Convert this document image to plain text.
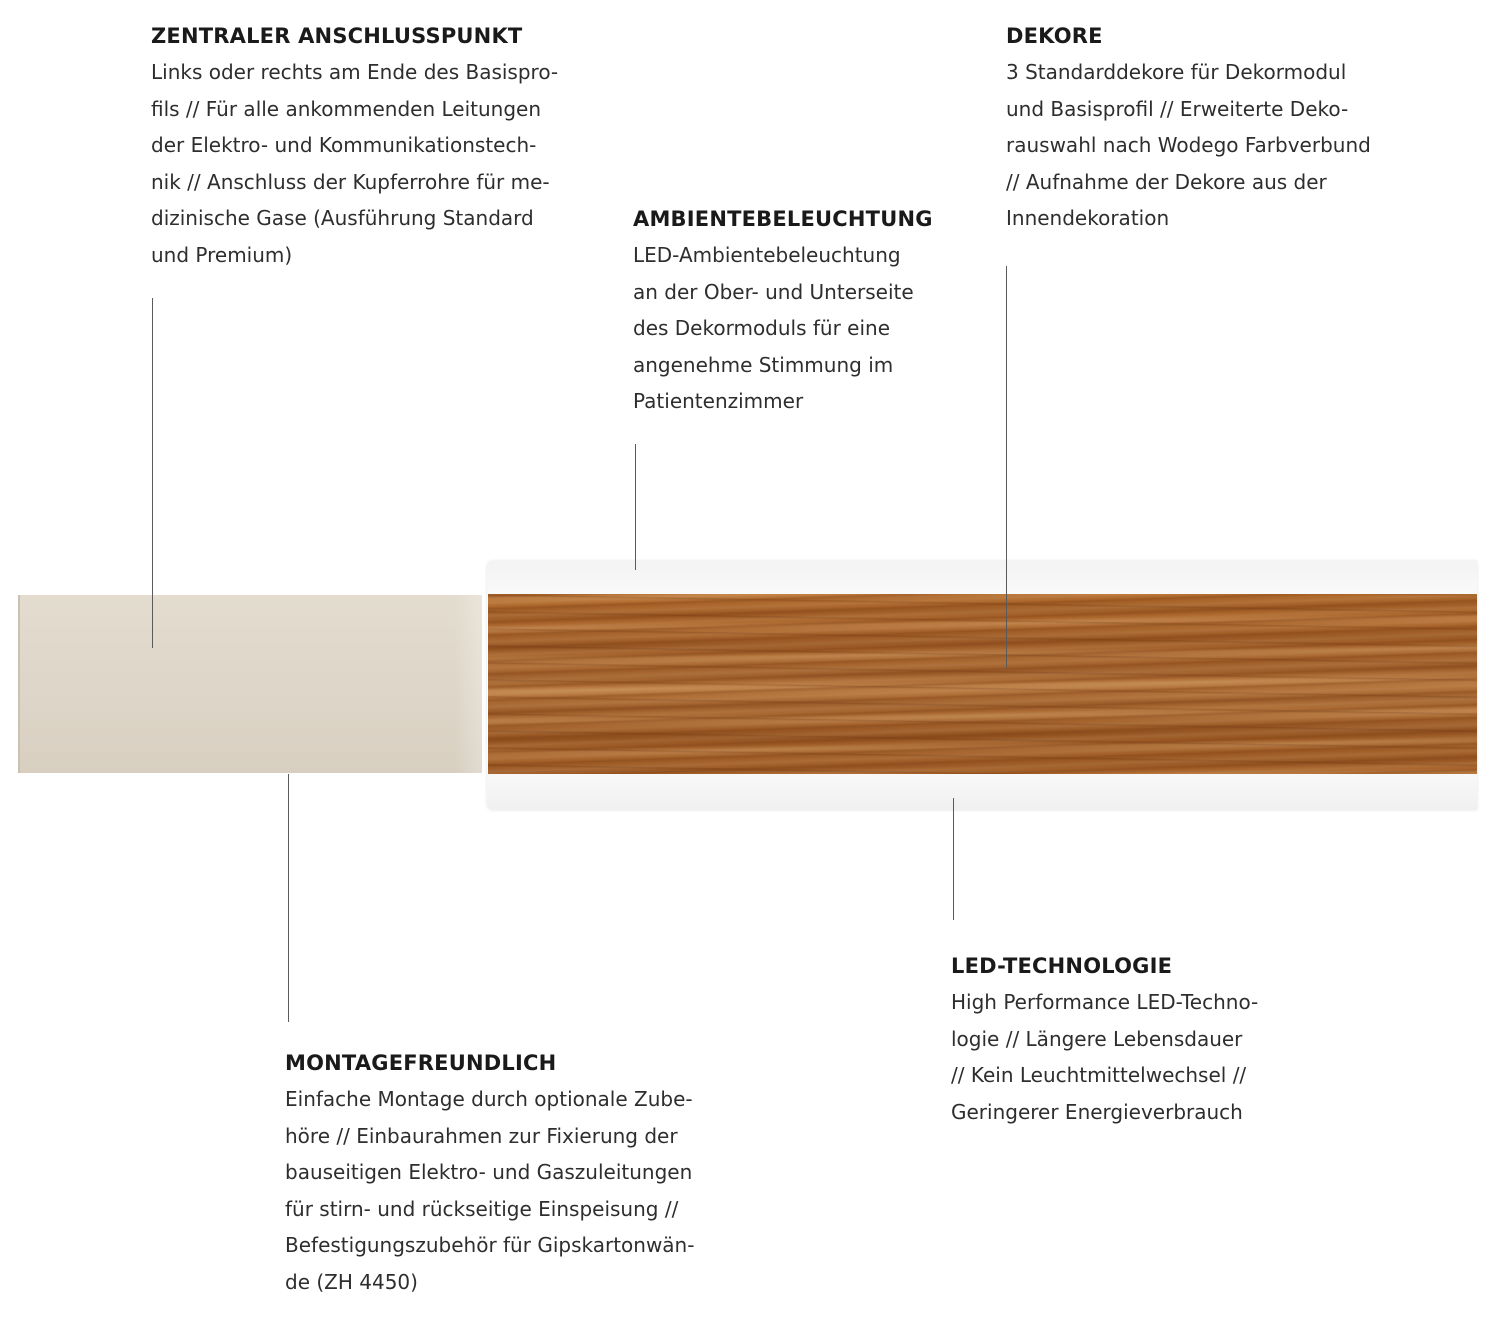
ZENTRALER ANSCHLUSSPUNKT
Links oder rechts am Ende des Basispro-
fils // Für alle ankommenden Leitungen
der Elektro- und Kommunikationstech-
nik // Anschluss der Kupferrohre für me-
dizinische Gase (Ausführung Standard
und Premium)
AMBIENTEBELEUCHTUNG
LED-Ambientebeleuchtung
an der Ober- und Unterseite
des Dekormoduls für eine
angenehme Stimmung im
Patientenzimmer
DEKORE
3 Standarddekore für Dekormodul
und Basisprofil // Erweiterte Deko-
rauswahl nach Wodego Farbverbund
// Aufnahme der Dekore aus der
Innendekoration
MONTAGEFREUNDLICH
Einfache Montage durch optionale Zube-
höre // Einbaurahmen zur Fixierung der
bauseitigen Elektro- und Gaszuleitungen
für stirn- und rückseitige Einspeisung //
Befestigungszubehör für Gipskartonwän-
de (ZH 4450)
LED-TECHNOLOGIE
High Performance LED-Techno-
logie // Längere Lebensdauer
// Kein Leuchtmittelwechsel //
Geringerer Energieverbrauch
